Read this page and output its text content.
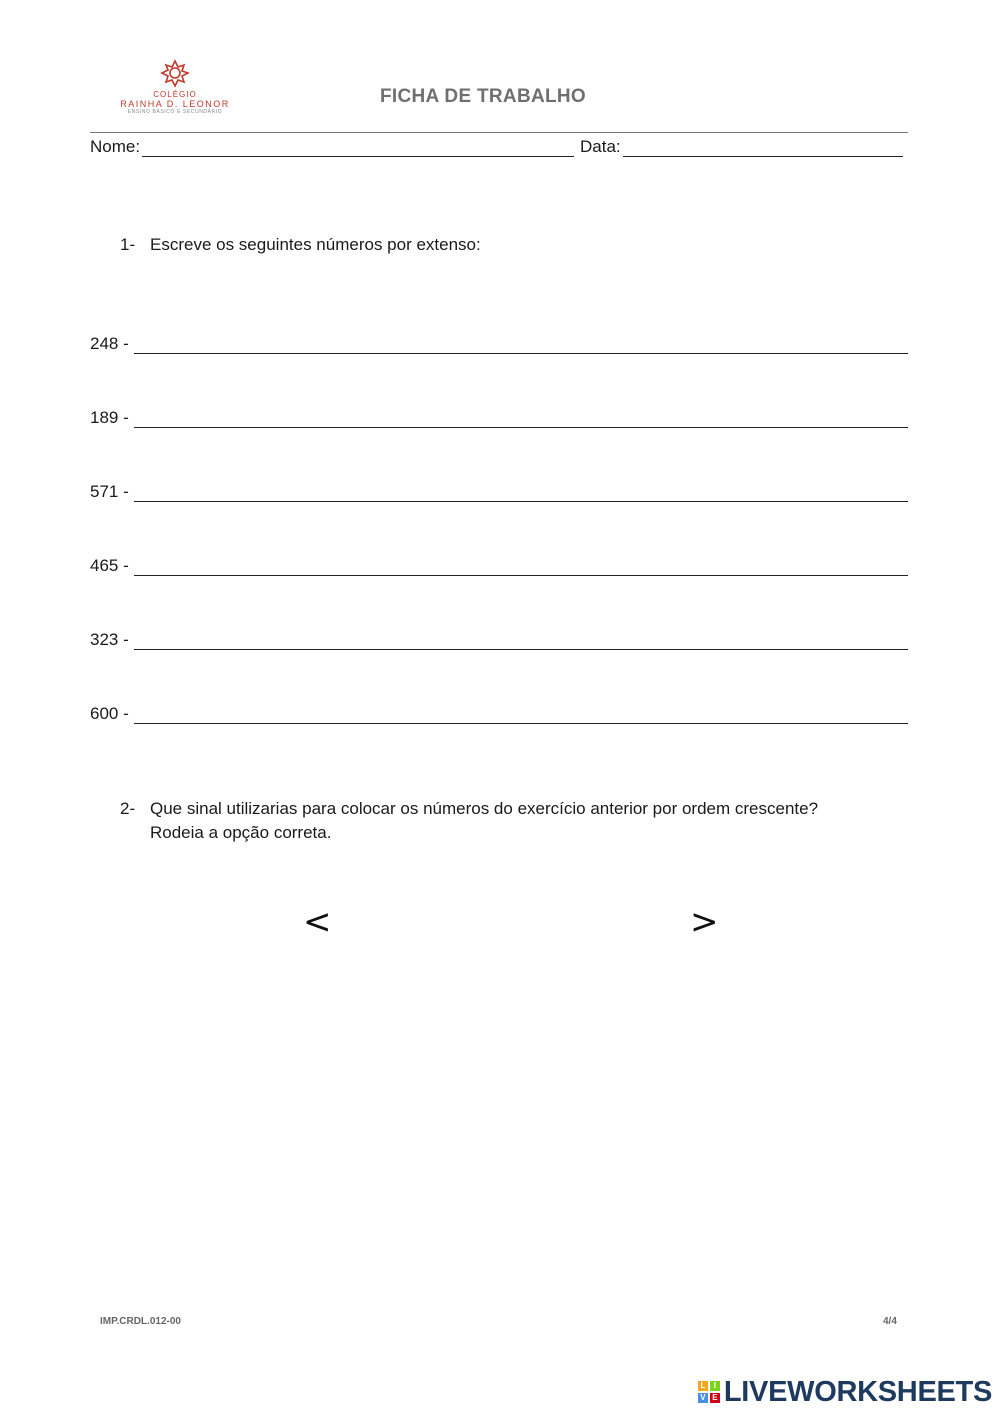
COLÉGIO
RAINHA D. LEONOR
ENSINO BÁSICO E SECUNDÁRIO
FICHA DE TRABALHO
Nome:	Data:
1- Escreve os seguintes números por extenso:
248 -
189 -
571 -
465 -
323 -
600 -
2- Que sinal utilizarias para colocar os números do exercício anterior por ordem crescente?
Rodeia a opção correta.
<	>
IMP.CRDL.012-00	4/4
L	I
V E LIVEWORKSHEETS
